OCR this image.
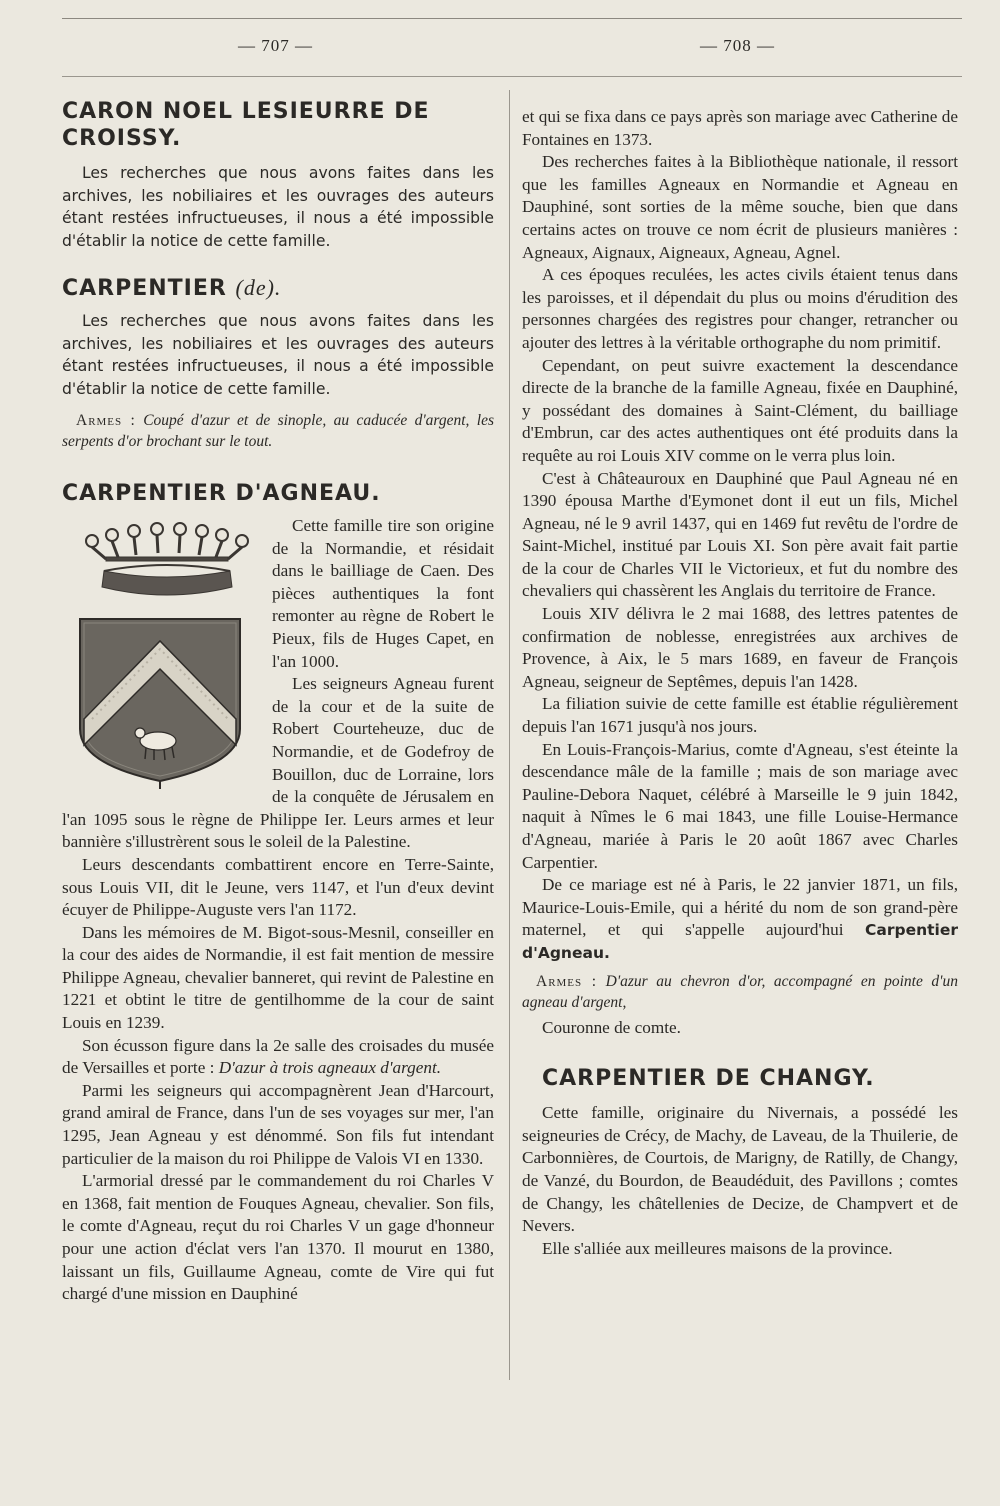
— 707 —	— 708 —
CARON NOEL LESIEURRE DE CROISSY.

Les recherches que nous avons faites dans les archives, les nobiliaires et les ouvrages des auteurs étant restées infructueuses, il nous a été impossible d'établir la notice de cette famille.

CARPENTIER (de).

Les recherches que nous avons faites dans les archives, les nobiliaires et les ouvrages des auteurs étant restées infructueuses, il nous a été impossible d'établir la notice de cette famille.

Armes : Coupé d'azur et de sinople, au caducée d'argent, les serpents d'or brochant sur le tout.

CARPENTIER D'AGNEAU.

Cette famille tire son origine de la Normandie, et résidait dans le bailliage de Caen. Des pièces authentiques la font remonter au règne de Robert le Pieux, fils de Huges Capet, en l'an 1000.

Les seigneurs Agneau furent de la cour et de la suite de Robert Courteheuze, duc de Normandie, et de Godefroy de Bouillon, duc de Lorraine, lors de la conquête de Jérusalem en l'an 1095 sous le règne de Philippe Ier. Leurs armes et leur bannière s'illustrèrent sous le soleil de la Palestine.

Leurs descendants combattirent encore en Terre-Sainte, sous Louis VII, dit le Jeune, vers 1147, et l'un d'eux devint écuyer de Philippe-Auguste vers l'an 1172.

Dans les mémoires de M. Bigot-sous-Mesnil, conseiller en la cour des aides de Normandie, il est fait mention de messire Philippe Agneau, chevalier banneret, qui revint de Palestine en 1221 et obtint le titre de gentilhomme de la cour de saint Louis en 1239.

Son écusson figure dans la 2e salle des croisades du musée de Versailles et porte : D'azur à trois agneaux d'argent.

Parmi les seigneurs qui accompagnèrent Jean d'Harcourt, grand amiral de France, dans l'un de ses voyages sur mer, l'an 1295, Jean Agneau y est dénommé. Son fils fut intendant particulier de la maison du roi Philippe de Valois VI en 1330.

L'armorial dressé par le commandement du roi Charles V en 1368, fait mention de Fouques Agneau, chevalier. Son fils, le comte d'Agneau, reçut du roi Charles V un gage d'honneur pour une action d'éclat vers l'an 1370. Il mourut en 1380, laissant un fils, Guillaume Agneau, comte de Vire qui fut chargé d'une mission en Dauphiné

et qui se fixa dans ce pays après son mariage avec Catherine de Fontaines en 1373.

Des recherches faites à la Bibliothèque nationale, il ressort que les familles Agneaux en Normandie et Agneau en Dauphiné, sont sorties de la même souche, bien que dans certains actes on trouve ce nom écrit de plusieurs manières : Agneaux, Aignaux, Aigneaux, Agneau, Agnel.

A ces époques reculées, les actes civils étaient tenus dans les paroisses, et il dépendait du plus ou moins d'érudition des personnes chargées des registres pour changer, retrancher ou ajouter des lettres à la véritable orthographe du nom primitif.

Cependant, on peut suivre exactement la descendance directe de la branche de la famille Agneau, fixée en Dauphiné, y possédant des domaines à Saint-Clément, du bailliage d'Embrun, car des actes authentiques ont été produits dans la requête au roi Louis XIV comme on le verra plus loin.

C'est à Châteauroux en Dauphiné que Paul Agneau né en 1390 épousa Marthe d'Eymonet dont il eut un fils, Michel Agneau, né le 9 avril 1437, qui en 1469 fut revêtu de l'ordre de Saint-Michel, institué par Louis XI. Son père avait fait partie de la cour de Charles VII le Victorieux, et fut du nombre des chevaliers qui chassèrent les Anglais du territoire de France.

Louis XIV délivra le 2 mai 1688, des lettres patentes de confirmation de noblesse, enregistrées aux archives de Provence, à Aix, le 5 mars 1689, en faveur de François Agneau, seigneur de Septêmes, depuis l'an 1428.

La filiation suivie de cette famille est établie régulièrement depuis l'an 1671 jusqu'à nos jours.

En Louis-François-Marius, comte d'Agneau, s'est éteinte la descendance mâle de la famille ; mais de son mariage avec Pauline-Debora Naquet, célébré à Marseille le 9 juin 1842, naquit à Nîmes le 6 mai 1843, une fille Louise-Hermance d'Agneau, mariée à Paris le 20 août 1867 avec Charles Carpentier.

De ce mariage est né à Paris, le 22 janvier 1871, un fils, Maurice-Louis-Emile, qui a hérité du nom de son grand-père maternel, et qui s'appelle aujourd'hui Carpentier d'Agneau.

Armes : D'azur au chevron d'or, accompagné en pointe d'un agneau d'argent,

Couronne de comte.

CARPENTIER DE CHANGY.

Cette famille, originaire du Nivernais, a possédé les seigneuries de Crécy, de Machy, de Laveau, de la Thuilerie, de Carbonnières, de Courtois, de Marigny, de Ratilly, de Changy, de Vanzé, du Bourdon, de Beaudéduit, des Pavillons ; comtes de Changy, les châtellenies de Decize, de Champvert et de Nevers.

Elle s'alliée aux meilleures maisons de la province.
